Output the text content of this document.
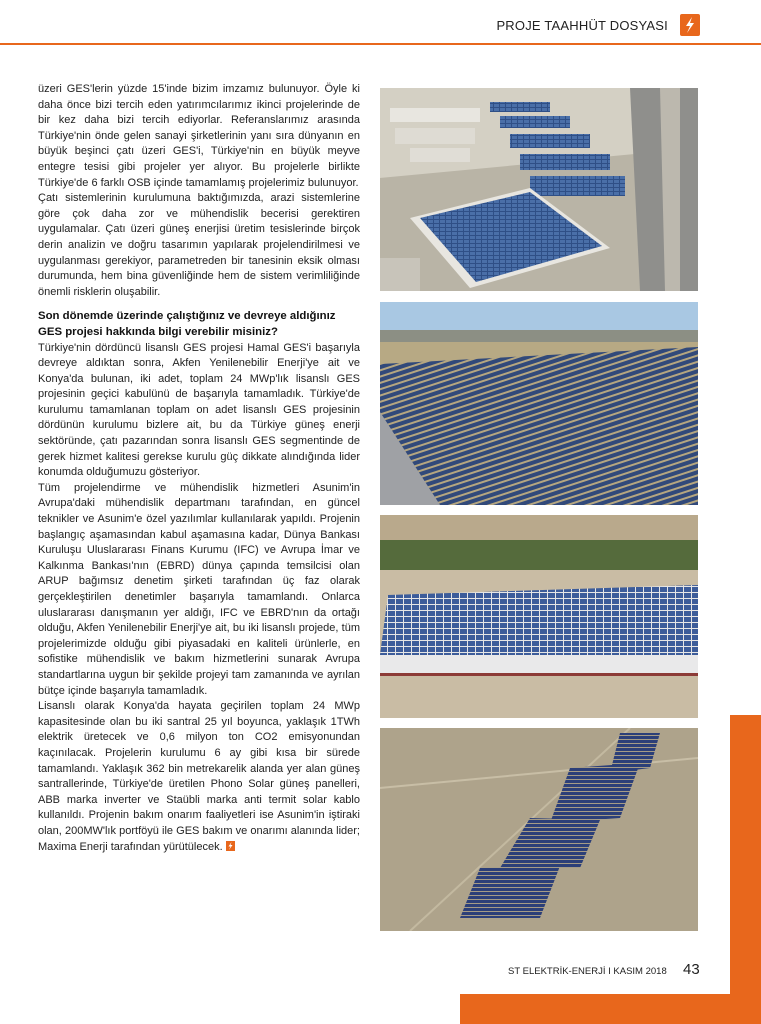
PROJE TAAHHÜT DOSYASI

üzeri GES'lerin yüzde 15'inde bizim imzamız bulunuyor. Öyle ki daha önce bizi tercih eden yatırımcılarımız ikinci projelerinde de bir kez daha bizi tercih ediyorlar. Referanslarımız arasında Türkiye'nin önde gelen sanayi şirketlerinin yanı sıra dünyanın en büyük beşinci çatı üzeri GES'i, Türkiye'nin en büyük meyve entegre tesisi gibi projeler yer alıyor. Bu projelerle birlikte Türkiye'de 6 farklı OSB içinde tamamlamış projelerimiz bulunuyor.

Çatı sistemlerinin kurulumuna baktığımızda, arazi sistemlerine göre çok daha zor ve mühendislik becerisi gerektiren uygulamalar. Çatı üzeri güneş enerjisi üretim tesislerinde birçok derin analizin ve doğru tasarımın yapılarak projelendirilmesi ve uygulanması gerekiyor, parametreden bir tanesinin eksik olması durumunda, hem bina güvenliğinde hem de sistem verimliliğinde önemli risklerin oluşabilir.

Son dönemde üzerinde çalıştığınız ve devreye aldığınız GES projesi hakkında bilgi verebilir misiniz?

Türkiye'nin dördüncü lisanslı GES projesi Hamal GES'i başarıyla devreye aldıktan sonra, Akfen Yenilenebilir Enerji'ye ait ve Konya'da bulunan, iki adet, toplam 24 MWp'lık lisanslı GES projesinin geçici kabulünü de başarıyla tamamladık. Türkiye'de kurulumu tamamlanan toplam on adet lisanslı GES projesinin dördünün kurulumu bizlere ait, bu da Türkiye güneş enerji sektöründe, çatı pazarından sonra lisanslı GES segmentinde de gerek hizmet kalitesi gerekse kurulu güç dikkate alındığında lider konumda olduğumuzu gösteriyor.

Tüm projelendirme ve mühendislik hizmetleri Asunim'in Avrupa'daki mühendislik departmanı tarafından, en güncel teknikler ve Asunim'e özel yazılımlar kullanılarak yapıldı. Projenin başlangıç aşamasından kabul aşamasına kadar, Dünya Bankası Kuruluşu Uluslararası Finans Kurumu (IFC) ve Avrupa İmar ve Kalkınma Bankası'nın (EBRD) dünya çapında temsilcisi olan ARUP bağımsız denetim şirketi tarafından üç faz olarak gerçekleştirilen denetimler başarıyla tamamlandı. Onlarca uluslararası danışmanın yer aldığı, IFC ve EBRD'nın da ortağı olduğu, Akfen Yenilenebilir Enerji'ye ait, bu iki lisanslı projede, tüm projelerimizde olduğu gibi piyasadaki en kaliteli ürünlerle, en sofistike mühendislik ve bakım hizmetlerini sunarak Avrupa standartlarına uygun bir şekilde projeyi tam zamanında ve ayrılan bütçe içinde başarıyla tamamladık.

Lisanslı olarak Konya'da hayata geçirilen toplam 24 MWp kapasitesinde olan bu iki santral 25 yıl boyunca, yaklaşık 1TWh elektrik üretecek ve 0,6 milyon ton CO2 emisyonundan kaçınılacak. Projelerin kurulumu 6 ay gibi kısa bir sürede tamamlandı. Yaklaşık 362 bin metrekarelik alanda yer alan güneş santrallerinde, Türkiye'de üretilen Phono Solar güneş panelleri, ABB marka inverter ve Staübli marka anti termit solar kablo kullanıldı. Projenin bakım onarım faaliyetleri ise Asunim'in iştiraki olan, 200MW'lık portföyü ile GES bakım ve onarımı alanında lider; Maxima Enerji tarafından yürütülecek.

ST ELEKTRİK-ENERJİ I KASIM 2018 43
